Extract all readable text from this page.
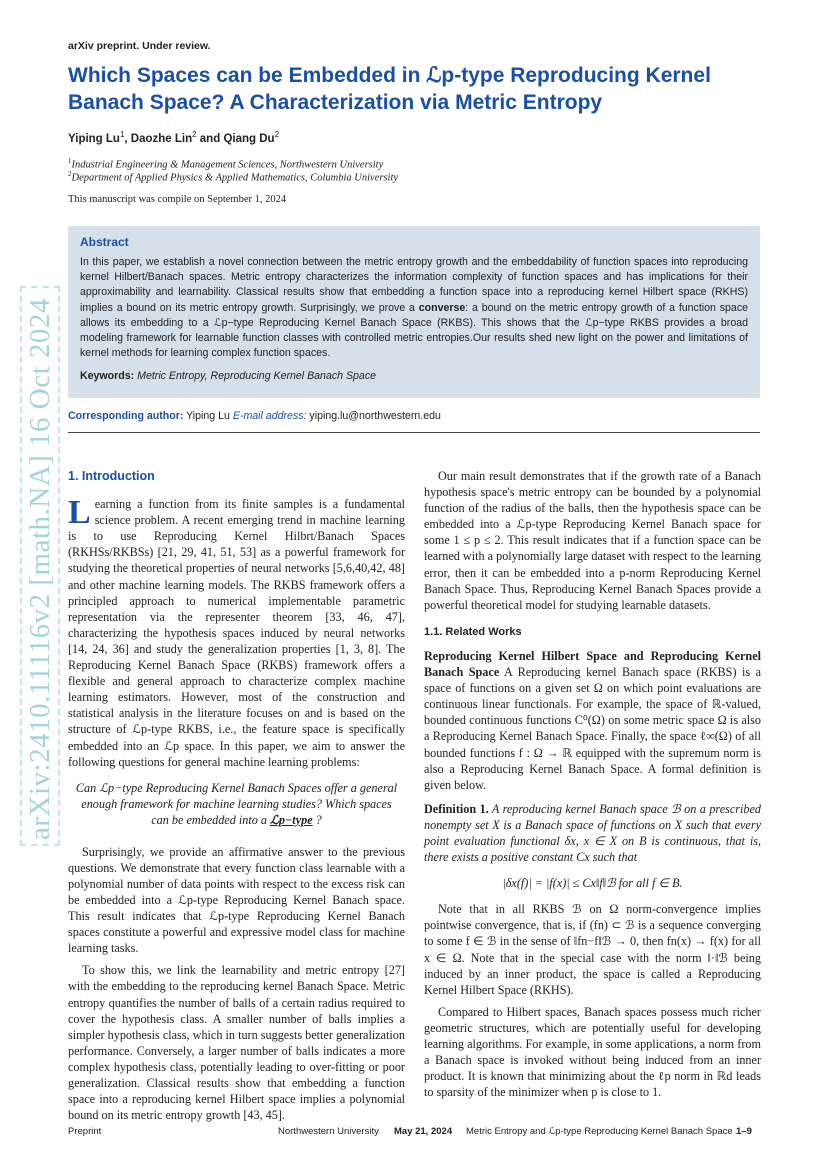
arXiv preprint. Under review.
Which Spaces can be Embedded in ℒp-type Reproducing Kernel Banach Space? A Characterization via Metric Entropy
Yiping Lu$^1$, Daozhe Lin$^2$ and Qiang Du$^2$
$^1$Industrial Engineering & Management Sciences, Northwestern University
$^2$Department of Applied Physics & Applied Mathematics, Columbia University
This manuscript was compile on September 1, 2024
Abstract
In this paper, we establish a novel connection between the metric entropy growth and the embeddability of function spaces into reproducing kernel Hilbert/Banach spaces. Metric entropy characterizes the information complexity of function spaces and has implications for their approximability and learnability. Classical results show that embedding a function space into a reproducing kernel Hilbert space (RKHS) implies a bound on its metric entropy growth. Surprisingly, we prove a converse: a bound on the metric entropy growth of a function space allows its embedding to a ℒp−type Reproducing Kernel Banach Space (RKBS). This shows that the ℒp−type RKBS provides a broad modeling framework for learnable function classes with controlled metric entropies.Our results shed new light on the power and limitations of kernel methods for learning complex function spaces.
Keywords: Metric Entropy, Reproducing Kernel Banach Space
Corresponding author: Yiping Lu E-mail address: yiping.lu@northwestern.edu
arXiv:2410.11116v2 [math.NA] 16 Oct 2024 1. Introduction
Learning a function from its finite samples is a fundamental science problem. A recent emerging trend in machine learning is to use Reproducing Kernel Hilbrt/Banach Spaces (RKHSs/RKBSs) [21, 29, 41, 51, 53] as a powerful framework for studying the theoretical properties of neural networks [5,6,40,42, 48] and other machine learning models. The RKBS framework offers a principled approach to numerical implementable parametric representation via the representer theorem [33, 46, 47], characterizing the hypothesis spaces induced by neural networks [14, 24, 36] and study the generalization properties [1, 3, 8]. The Reproducing Kernel Banach Space (RKBS) framework offers a flexible and general approach to characterize complex machine learning estimators. However, most of the construction and statistical analysis in the literature focuses on and is based on the structure of ℒp-type RKBS, i.e., the feature space is specifically embedded into an ℒp space. In this paper, we aim to answer the following questions for general machine learning problems:
Can ℒp−type Reproducing Kernel Banach Spaces offer a general enough framework for machine learning studies? Which spaces can be embedded into a ℒp−type ?
Surprisingly, we provide an affirmative answer to the previous questions. We demonstrate that every function class learnable with a polynomial number of data points with respect to the excess risk can be embedded into a ℒp-type Reproducing Kernel Banach space. This result indicates that ℒp-type Reproducing Kernel Banach spaces constitute a powerful and expressive model class for machine learning tasks.
To show this, we link the learnability and metric entropy [27] with the embedding to the reproducing kernel Banach Space. Metric entropy quantifies the number of balls of a certain radius required to cover the hypothesis class. A smaller number of balls implies a simpler hypothesis class, which in turn suggests better generalization performance. Conversely, a larger number of balls indicates a more complex hypothesis class, potentially leading to over-fitting or poor generalization. Classical results show that embedding a function space into a reproducing kernel Hilbert space implies a polynomial bound on its metric entropy growth [43, 45].
Our main result demonstrates that if the growth rate of a Banach hypothesis space's metric entropy can be bounded by a polynomial function of the radius of the balls, then the hypothesis space can be embedded into a ℒp-type Reproducing Kernel Banach space for some 1 ≤ p ≤ 2. This result indicates that if a function space can be learned with a polynomially large dataset with respect to the learning error, then it can be embedded into a p-norm Reproducing Kernel Banach Space. Thus, Reproducing Kernel Banach Spaces provide a powerful theoretical model for studying learnable datasets.
1.1. Related Works
Reproducing Kernel Hilbert Space and Reproducing Kernel Banach Space A Reproducing kernel Banach space (RKBS) is a space of functions on a given set Ω on which point evaluations are continuous linear functionals. For example, the space of ℝ-valued, bounded continuous functions C⁰(Ω) on some metric space Ω is also a Reproducing Kernel Banach Space. Finally, the space ℓ∞(Ω) of all bounded functions f : Ω → ℝ equipped with the supremum norm is also a Reproducing Kernel Banach Space. A formal definition is given below.
Definition 1. A reproducing kernel Banach space ℬ on a prescribed nonempty set X is a Banach space of functions on X such that every point evaluation functional δx, x ∈ X on B is continuous, that is, there exists a positive constant Cx such that
|δx(f)| = |f(x)| ≤ Cx‖f‖ℬ for all f ∈ B.
Note that in all RKBS ℬ on Ω norm-convergence implies pointwise convergence, that is, if (fn) ⊂ ℬ is a sequence converging to some f ∈ ℬ in the sense of ‖fn−f‖ℬ → 0, then fn(x) → f(x) for all x ∈ Ω. Note that in the special case with the norm ‖·‖ℬ being induced by an inner product, the space is called a Reproducing Kernel Hilbert Space (RKHS).
Compared to Hilbert spaces, Banach spaces possess much richer geometric structures, which are potentially useful for developing learning algorithms. For example, in some applications, a norm from a Banach space is invoked without being induced from an inner product. It is known that minimizing about the ℓp norm in ℝd leads to sparsity of the minimizer when p is close to 1.
Preprint	Northwestern University May 21, 2024 Metric Entropy and ℒp-type Reproducing Kernel Banach Space 1–9
